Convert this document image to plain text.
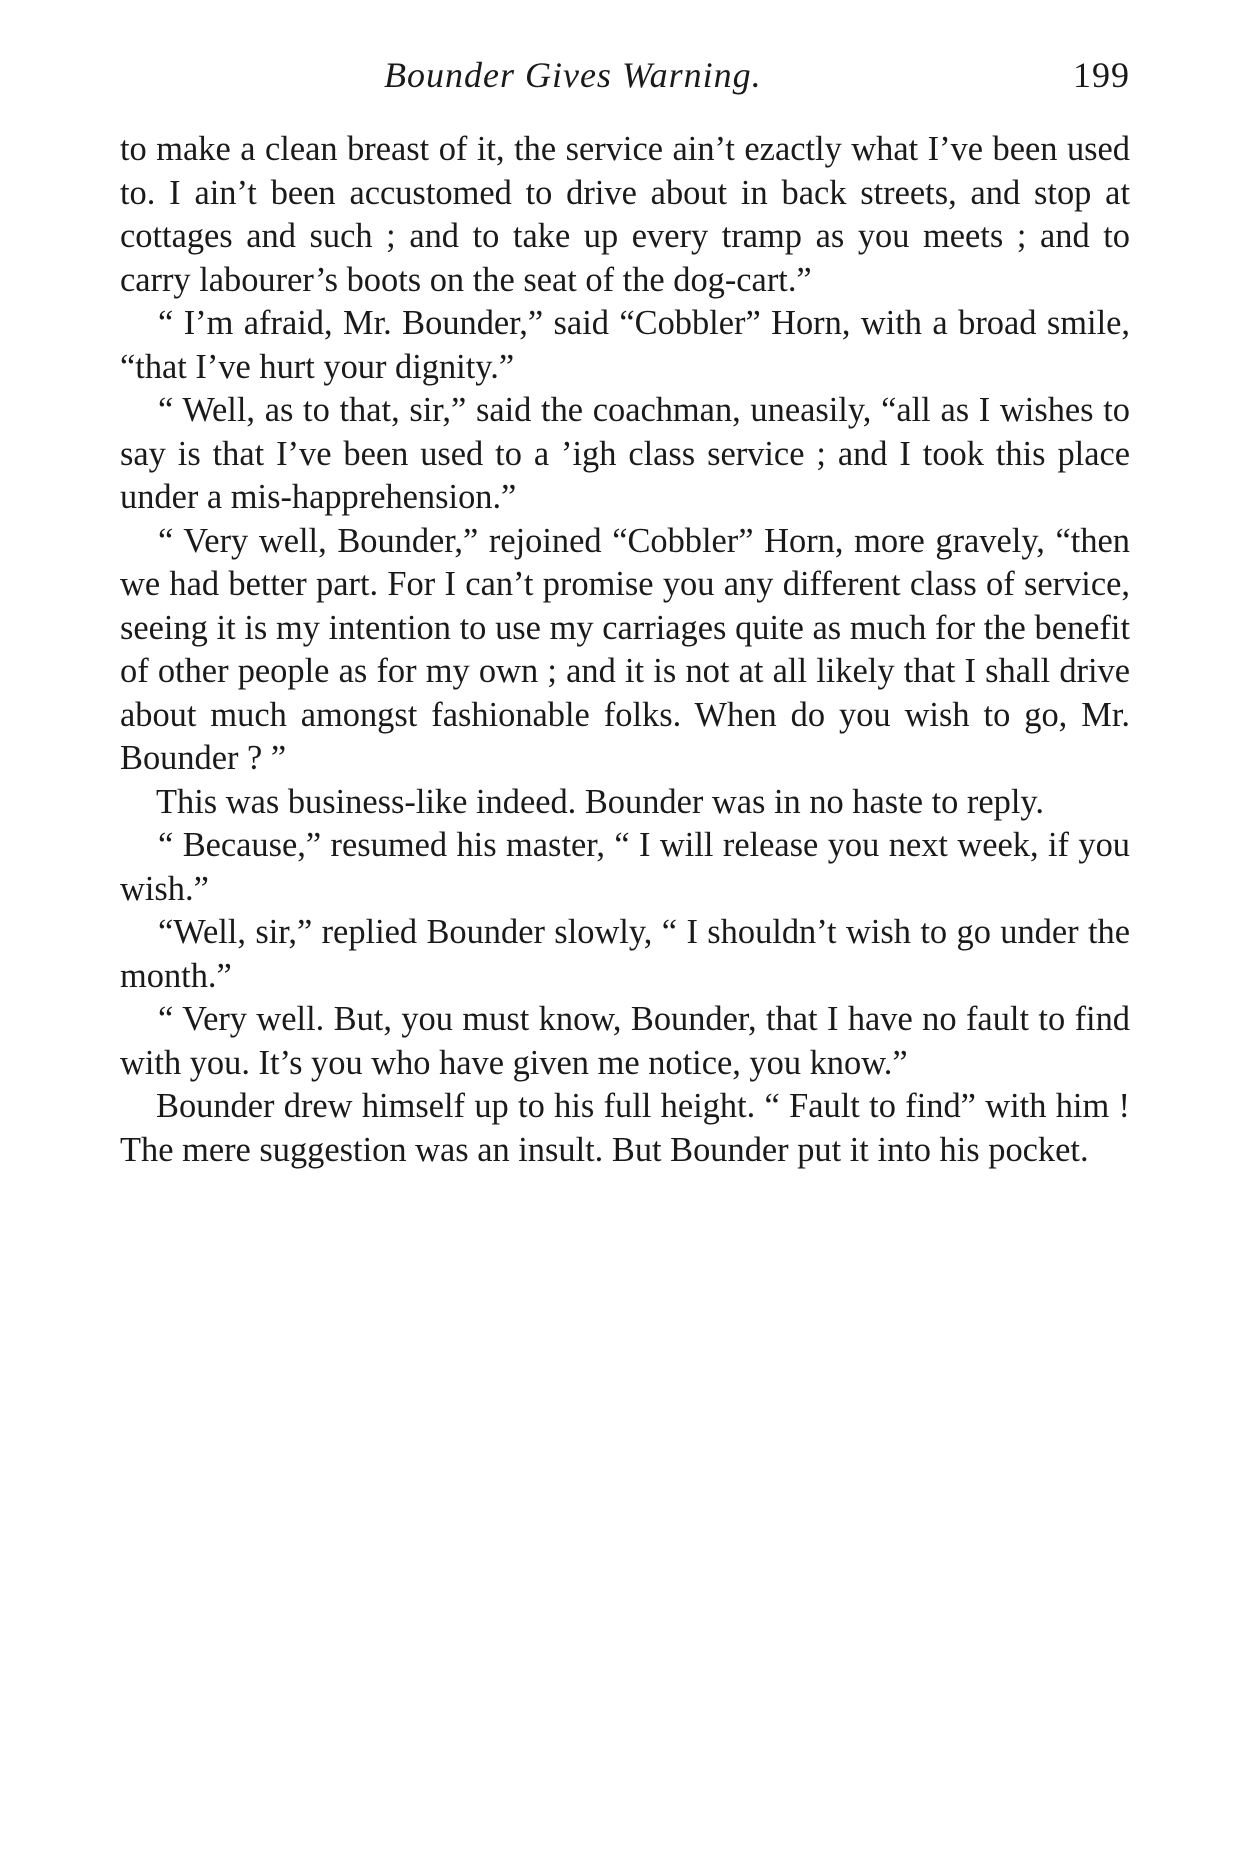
Bounder Gives Warning.	199

to make a clean breast of it, the service ain’t ezactly what I’ve been used to. I ain’t been accustomed to drive about in back streets, and stop at cottages and such ; and to take up every tramp as you meets ; and to carry labourer’s boots on the seat of the dog-cart.”

“ I’m afraid, Mr. Bounder,” said “Cobbler” Horn, with a broad smile, “that I’ve hurt your dignity.”

“ Well, as to that, sir,” said the coachman, uneasily, “all as I wishes to say is that I’ve been used to a ’igh class service ; and I took this place under a mis-happrehension.”

“ Very well, Bounder,” rejoined “Cobbler” Horn, more gravely, “then we had better part. For I can’t promise you any different class of service, seeing it is my intention to use my carriages quite as much for the benefit of other people as for my own ; and it is not at all likely that I shall drive about much amongst fashionable folks. When do you wish to go, Mr. Bounder ? ”

This was business-like indeed. Bounder was in no haste to reply.

“ Because,” resumed his master, “ I will release you next week, if you wish.”

“Well, sir,” replied Bounder slowly, “ I shouldn’t wish to go under the month.”

“ Very well. But, you must know, Bounder, that I have no fault to find with you. It’s you who have given me notice, you know.”

Bounder drew himself up to his full height. “ Fault to find” with him ! The mere suggestion was an insult. But Bounder put it into his pocket.
